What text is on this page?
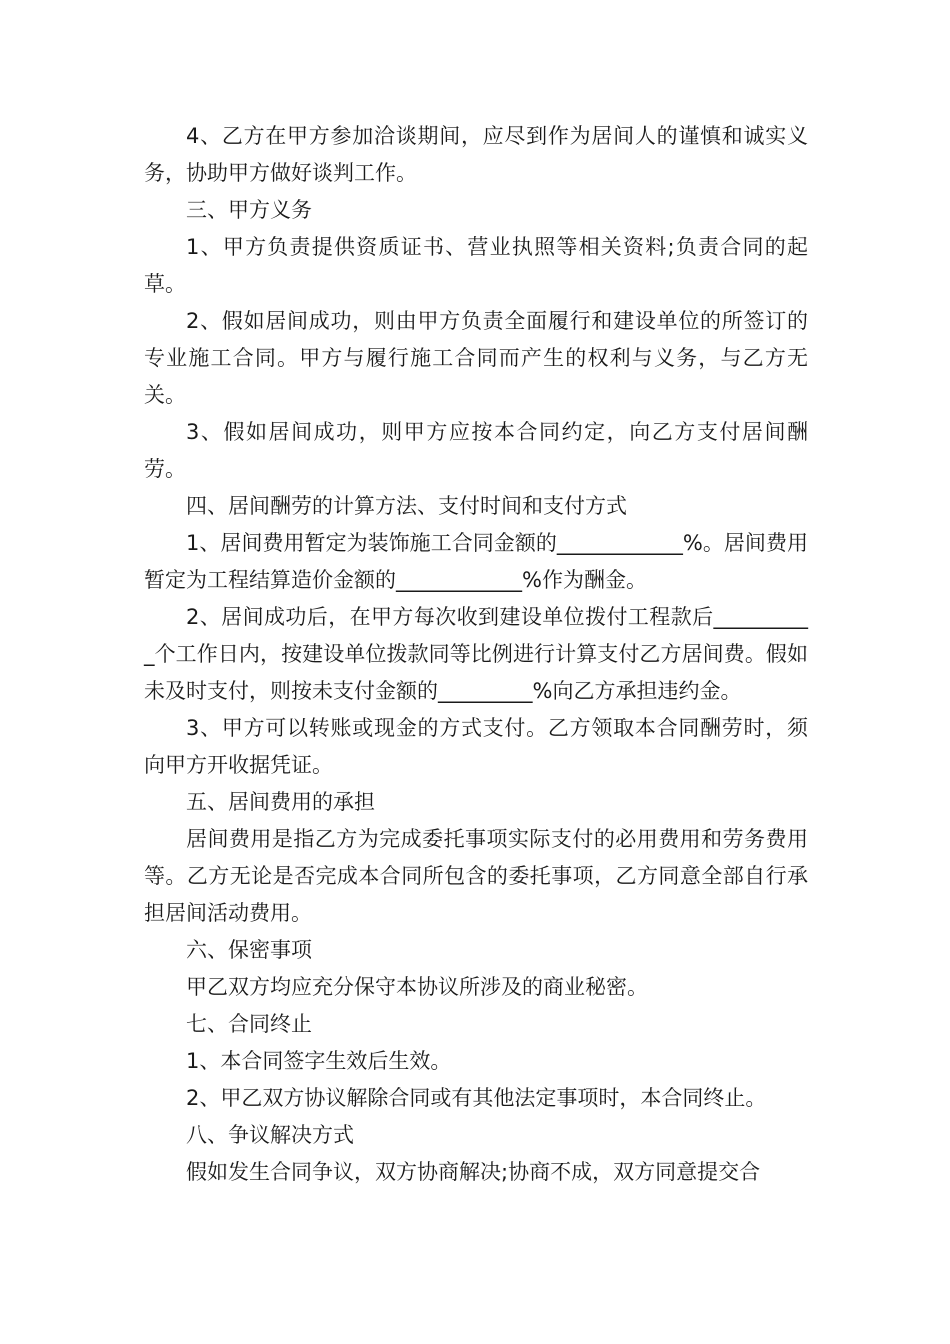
4、乙方在甲方参加洽谈期间，应尽到作为居间人的谨慎和诚实义务，协助甲方做好谈判工作。

三、甲方义务

1、甲方负责提供资质证书、营业执照等相关资料;负责合同的起草。

2、假如居间成功，则由甲方负责全面履行和建设单位的所签订的专业施工合同。甲方与履行施工合同而产生的权利与义务，与乙方无关。

3、假如居间成功，则甲方应按本合同约定，向乙方支付居间酬劳。

四、居间酬劳的计算方法、支付时间和支付方式

1、居间费用暂定为装饰施工合同金额的____________%。居间费用暂定为工程结算造价金额的____________%作为酬金。

2、居间成功后，在甲方每次收到建设单位拨付工程款后__________个工作日内，按建设单位拨款同等比例进行计算支付乙方居间费。假如未及时支付，则按未支付金额的_________%向乙方承担违约金。

3、甲方可以转账或现金的方式支付。乙方领取本合同酬劳时，须向甲方开收据凭证。

五、居间费用的承担

居间费用是指乙方为完成委托事项实际支付的必用费用和劳务费用等。乙方无论是否完成本合同所包含的委托事项，乙方同意全部自行承担居间活动费用。

六、保密事项

甲乙双方均应充分保守本协议所涉及的商业秘密。

七、合同终止

1、本合同签字生效后生效。

2、甲乙双方协议解除合同或有其他法定事项时，本合同终止。

八、争议解决方式

假如发生合同争议，双方协商解决;协商不成，双方同意提交合
